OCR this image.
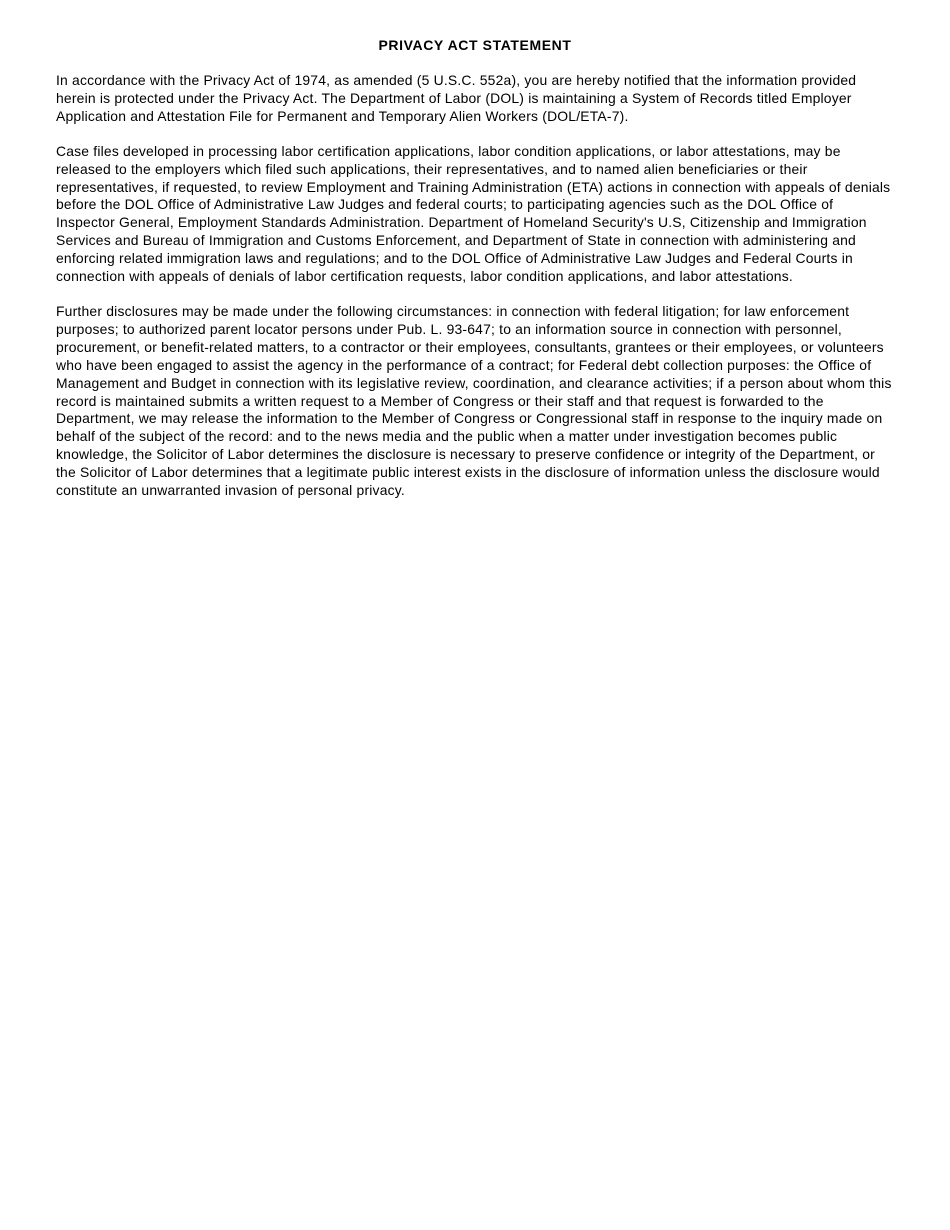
PRIVACY ACT STATEMENT

In accordance with the Privacy Act of 1974, as amended (5 U.S.C. 552a), you are hereby notified that the information provided herein is protected under the Privacy Act. The Department of Labor (DOL) is maintaining a System of Records titled Employer Application and Attestation File for Permanent and Temporary Alien Workers (DOL/ETA-7).

Case files developed in processing labor certification applications, labor condition applications, or labor attestations, may be released to the employers which filed such applications, their representatives, and to named alien beneficiaries or their representatives, if requested, to review Employment and Training Administration (ETA) actions in connection with appeals of denials before the DOL Office of Administrative Law Judges and federal courts; to participating agencies such as the DOL Office of Inspector General, Employment Standards Administration. Department of Homeland Security's U.S, Citizenship and Immigration Services and Bureau of Immigration and Customs Enforcement, and Department of State in connection with administering and enforcing related immigration laws and regulations; and to the DOL Office of Administrative Law Judges and Federal Courts in connection with appeals of denials of labor certification requests, labor condition applications, and labor attestations.

Further disclosures may be made under the following circumstances: in connection with federal litigation; for law enforcement purposes; to authorized parent locator persons under Pub. L. 93-647; to an information source in connection with personnel, procurement, or benefit-related matters, to a contractor or their employees, consultants, grantees or their employees, or volunteers who have been engaged to assist the agency in the performance of a contract; for Federal debt collection purposes: the Office of Management and Budget in connection with its legislative review, coordination, and clearance activities; if a person about whom this record is maintained submits a written request to a Member of Congress or their staff and that request is forwarded to the Department, we may release the information to the Member of Congress or Congressional staff in response to the inquiry made on behalf of the subject of the record: and to the news media and the public when a matter under investigation becomes public knowledge, the Solicitor of Labor determines the disclosure is necessary to preserve confidence or integrity of the Department, or the Solicitor of Labor determines that a legitimate public interest exists in the disclosure of information unless the disclosure would constitute an unwarranted invasion of personal privacy.
